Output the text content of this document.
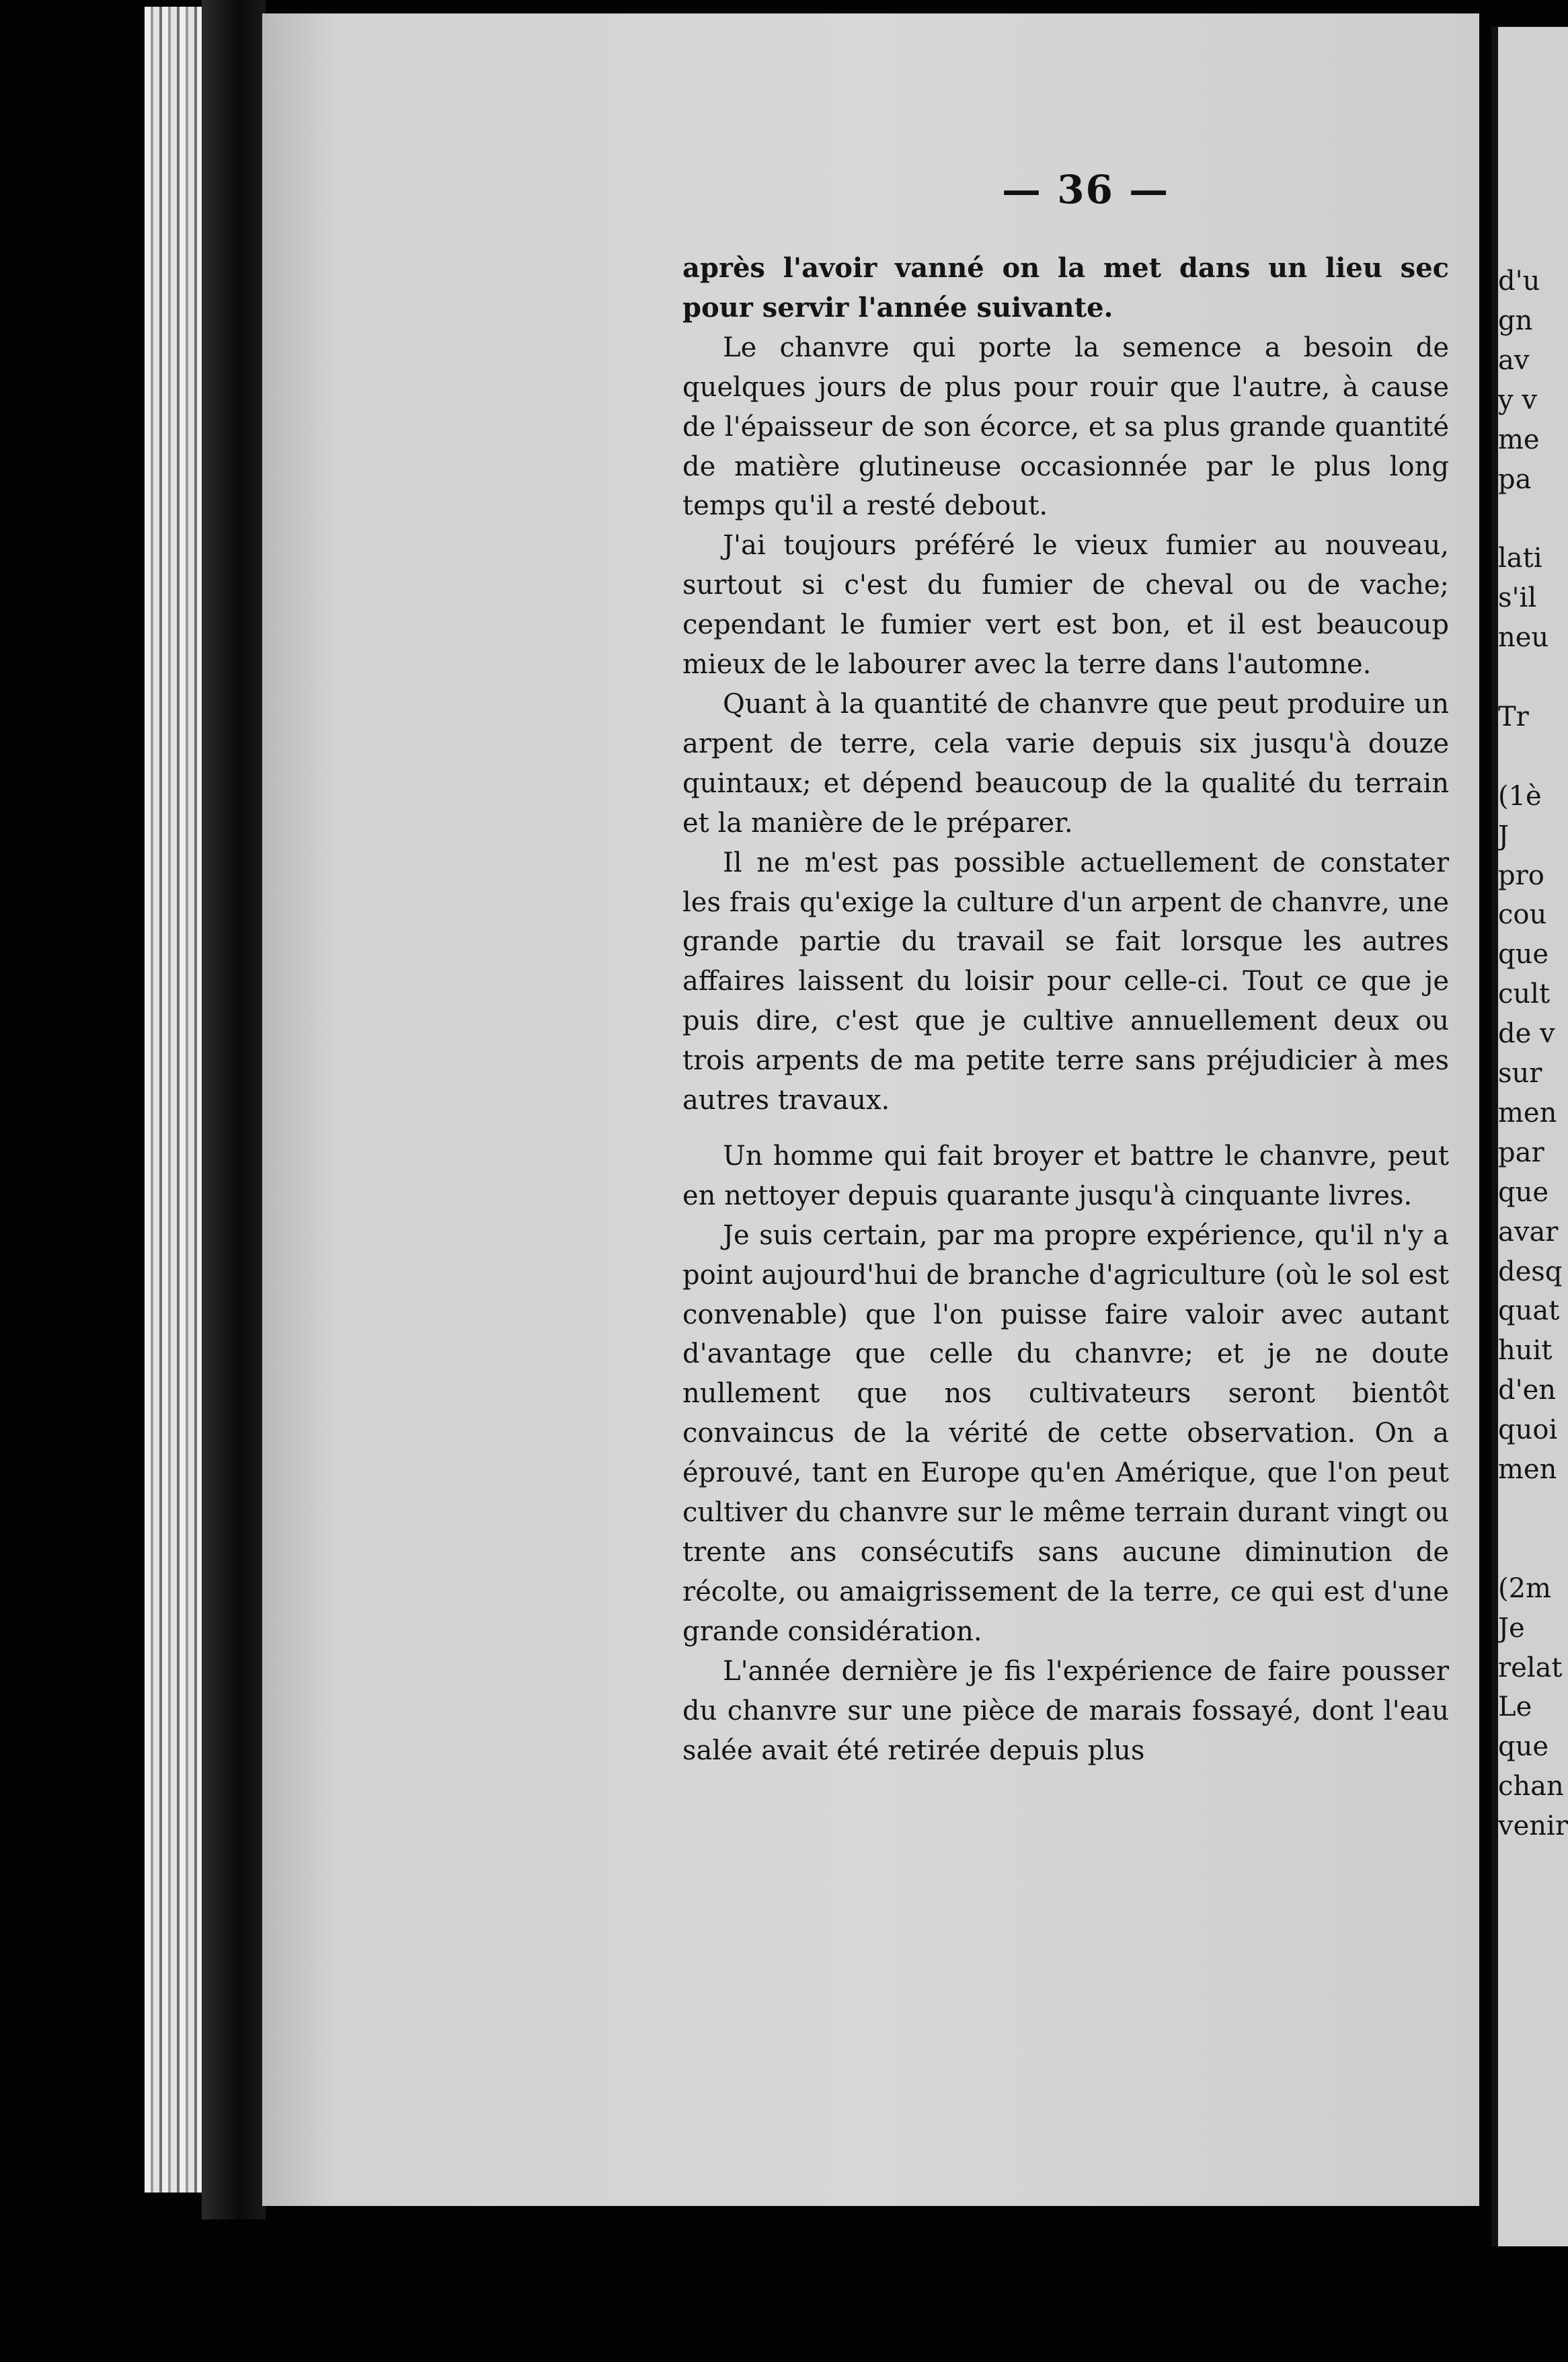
— 36 —

après l'avoir vanné on la met dans un lieu sec pour servir l'année suivante.

Le chanvre qui porte la semence a besoin de quelques jours de plus pour rouir que l'autre, à cause de l'épaisseur de son écorce, et sa plus grande quantité de matière glutineuse occasionnée par le plus long temps qu'il a resté debout.

J'ai toujours préféré le vieux fumier au nouveau, surtout si c'est du fumier de cheval ou de vache; cependant le fumier vert est bon, et il est beaucoup mieux de le labourer avec la terre dans l'automne.

Quant à la quantité de chanvre que peut produire un arpent de terre, cela varie depuis six jusqu'à douze quintaux; et dépend beaucoup de la qualité du terrain et la manière de le préparer.

Il ne m'est pas possible actuellement de constater les frais qu'exige la culture d'un arpent de chanvre, une grande partie du travail se fait lorsque les autres affaires laissent du loisir pour celle-ci. Tout ce que je puis dire, c'est que je cultive annuellement deux ou trois arpents de ma petite terre sans préjudicier à mes autres travaux.

Un homme qui fait broyer et battre le chanvre, peut en nettoyer depuis quarante jusqu'à cinquante livres.

Je suis certain, par ma propre expérience, qu'il n'y a point aujourd'hui de branche d'agriculture (où le sol est convenable) que l'on puisse faire valoir avec autant d'avantage que celle du chanvre; et je ne doute nullement que nos cultivateurs seront bientôt convaincus de la vérité de cette observation. On a éprouvé, tant en Europe qu'en Amérique, que l'on peut cultiver du chanvre sur le même terrain durant vingt ou trente ans consécutifs sans aucune diminution de récolte, ou amaigrissement de la terre, ce qui est d'une grande considération.

L'année dernière je fis l'expérience de faire pousser du chanvre sur une pièce de marais fossayé, dont l'eau salée avait été retirée depuis plus

d'u
gn
av
y v
me
pa
lati
s'il
neu
Tr
(1è
J
pro
cou
que
cult
de v
sur
men
par
que
avar
desq
quat
huit
d'en
quoi
men
(2m
Je
relat
Le
que
chan
venir
